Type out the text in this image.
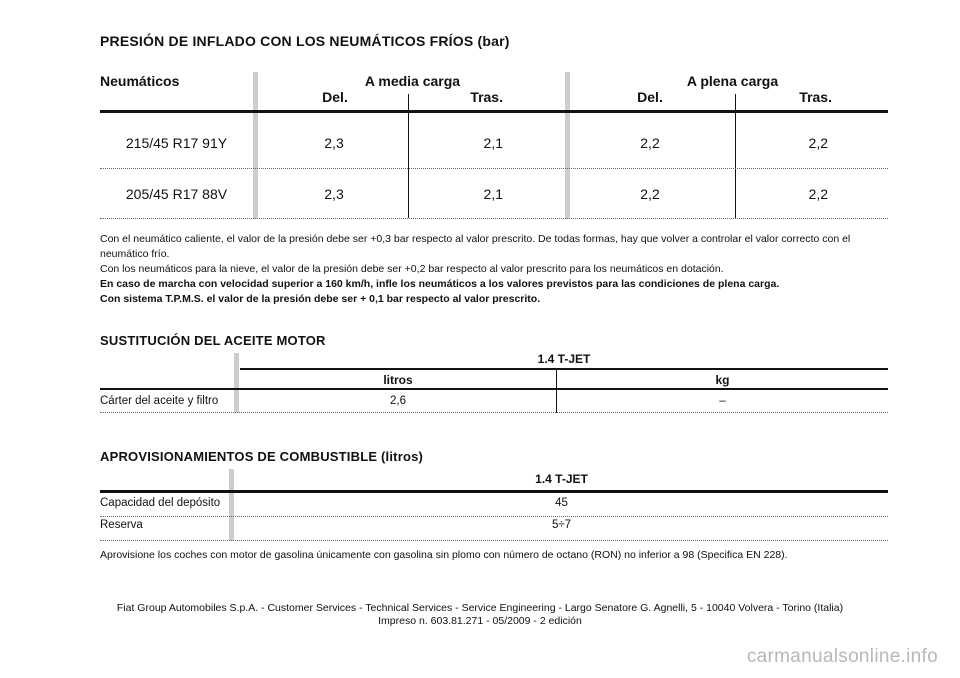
PRESIÓN DE INFLADO CON LOS NEUMÁTICOS FRÍOS (bar)
Neumáticos	A media carga	A plena carga
Del.	Tras.	Del.	Tras.
215/45 R17 91Y	2,3	2,1	2,2	2,2
205/45 R17 88V	2,3	2,1	2,2	2,2
Con el neumático caliente, el valor de la presión debe ser +0,3 bar respecto al valor prescrito. De todas formas, hay que volver a controlar el valor correcto con el neumático frío.
Con los neumáticos para la nieve, el valor de la presión debe ser +0,2 bar respecto al valor prescrito para los neumáticos en dotación.
En caso de marcha con velocidad superior a 160 km/h, infle los neumáticos a los valores previstos para las condiciones de plena carga.
Con sistema T.P.M.S. el valor de la presión debe ser + 0,1 bar respecto al valor prescrito.
SUSTITUCIÓN DEL ACEITE MOTOR
1.4 T-JET
litros	kg
Cárter del aceite y filtro	2,6	–
APROVISIONAMIENTOS DE COMBUSTIBLE (litros)
1.4 T-JET
Capacidad del depósito	45
Reserva	5÷7
Aprovisione los coches con motor de gasolina únicamente con gasolina sin plomo con número de octano (RON) no inferior a 98 (Specifica EN 228).
Fiat Group Automobiles S.p.A. - Customer Services - Technical Services - Service Engineering - Largo Senatore G. Agnelli, 5 - 10040 Volvera - Torino (Italia)
Impreso n. 603.81.271 - 05/2009 - 2 edición
carmanualsonline.info
